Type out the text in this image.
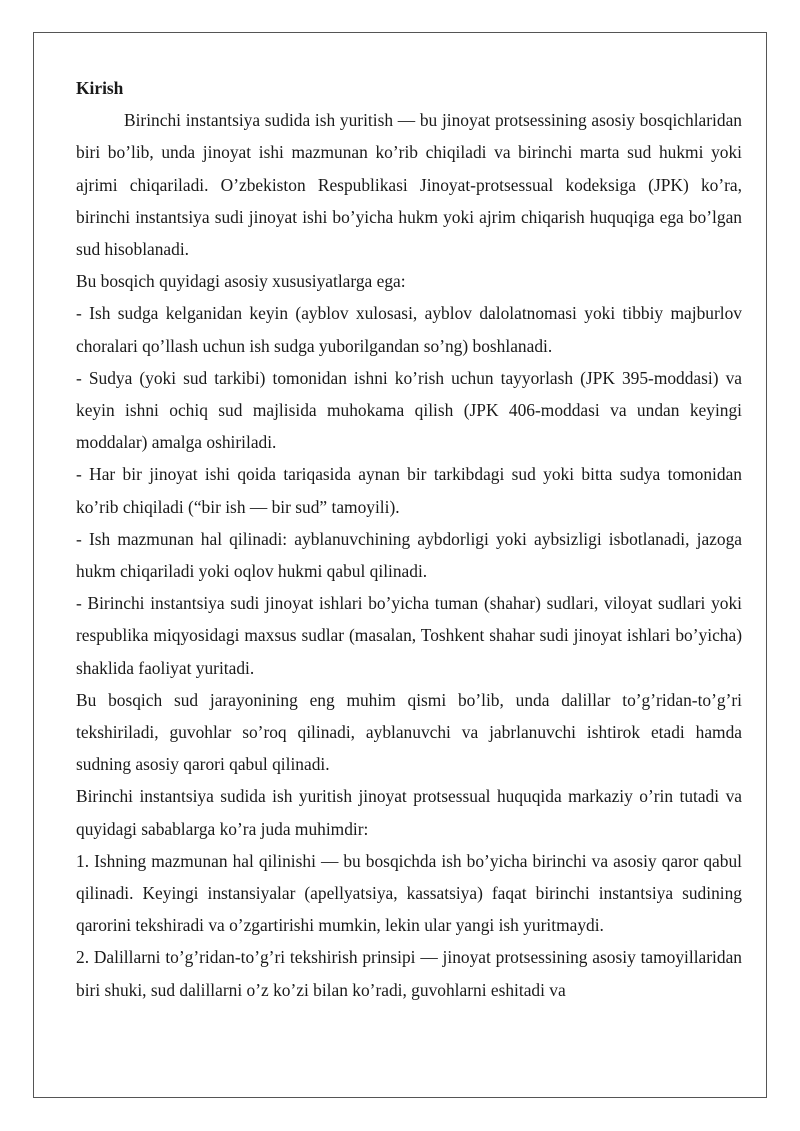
Kirish

Birinchi instantsiya sudida ish yuritish — bu jinoyat protsessining asosiy bosqichlaridan biri bo’lib, unda jinoyat ishi mazmunan ko’rib chiqiladi va birinchi marta sud hukmi yoki ajrimi chiqariladi. O’zbekiston Respublikasi Jinoyat-protsessual kodeksiga (JPK) ko’ra, birinchi instantsiya sudi jinoyat ishi bo’yicha hukm yoki ajrim chiqarish huquqiga ega bo’lgan sud hisoblanadi.

Bu bosqich quyidagi asosiy xususiyatlarga ega:

- Ish sudga kelganidan keyin (ayblov xulosasi, ayblov dalolatnomasi yoki tibbiy majburlov choralari qo’llash uchun ish sudga yuborilgandan so’ng) boshlanadi.

- Sudya (yoki sud tarkibi) tomonidan ishni ko’rish uchun tayyorlash (JPK 395-moddasi) va keyin ishni ochiq sud majlisida muhokama qilish (JPK 406-moddasi va undan keyingi moddalar) amalga oshiriladi.

- Har bir jinoyat ishi qoida tariqasida aynan bir tarkibdagi sud yoki bitta sudya tomonidan ko’rib chiqiladi (“bir ish — bir sud” tamoyili).

- Ish mazmunan hal qilinadi: ayblanuvchining aybdorligi yoki aybsizligi isbotlanadi, jazoga hukm chiqariladi yoki oqlov hukmi qabul qilinadi.

- Birinchi instantsiya sudi jinoyat ishlari bo’yicha tuman (shahar) sudlari, viloyat sudlari yoki respublika miqyosidagi maxsus sudlar (masalan, Toshkent shahar sudi jinoyat ishlari bo’yicha) shaklida faoliyat yuritadi.

Bu bosqich sud jarayonining eng muhim qismi bo’lib, unda dalillar to’g’ridan-to’g’ri tekshiriladi, guvohlar so’roq qilinadi, ayblanuvchi va jabrlanuvchi ishtirok etadi hamda sudning asosiy qarori qabul qilinadi.

Birinchi instantsiya sudida ish yuritish jinoyat protsessual huquqida markaziy o’rin tutadi va quyidagi sabablarga ko’ra juda muhimdir:

1. Ishning mazmunan hal qilinishi — bu bosqichda ish bo’yicha birinchi va asosiy qaror qabul qilinadi. Keyingi instansiyalar (apellyatsiya, kassatsiya) faqat birinchi instantsiya sudining qarorini tekshiradi va o’zgartirishi mumkin, lekin ular yangi ish yuritmaydi.

2. Dalillarni to’g’ridan-to’g’ri tekshirish prinsipi — jinoyat protsessining asosiy tamoyillaridan biri shuki, sud dalillarni o’z ko’zi bilan ko’radi, guvohlarni eshitadi va
